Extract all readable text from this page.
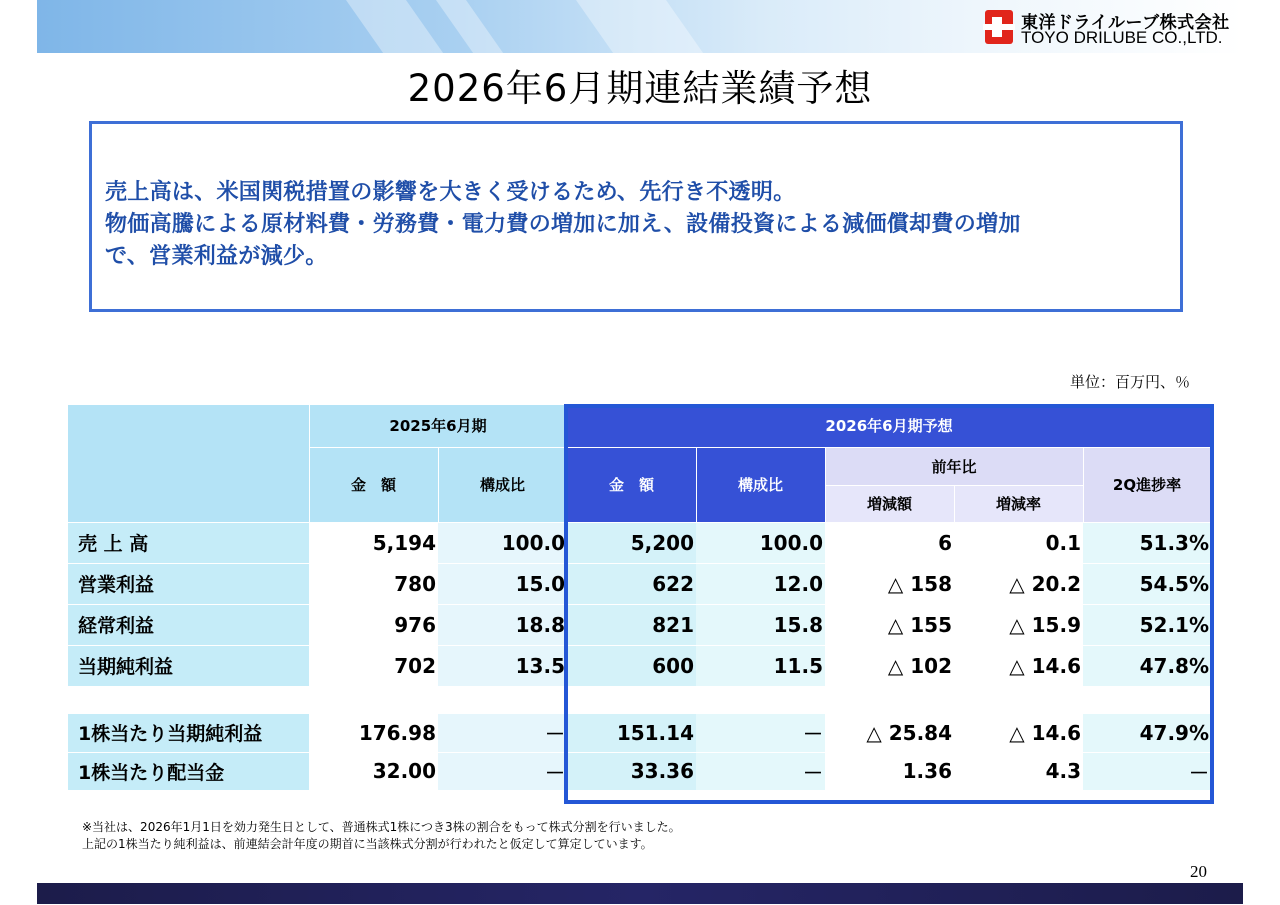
東洋ドライルーブ株式会社
TOYO DRILUBE CO.,LTD.
2026年6月期連結業績予想
売上高は、米国関税措置の影響を大きく受けるため、先行き不透明。
物価高騰による原材料費・労務費・電力費の増加に加え、設備投資による減価償却費の増加
で、営業利益が減少。
単位：百万円、％
	2025年6月期		2026年6月期予想				
	金　額	構成比	金　額	構成比	前年比		2Q進捗率
					増減額	増減率	
売 上 高	5,194	100.0	5,200	100.0	6	0.1	51.3%
営業利益	780	15.0	622	12.0	△ 158	△ 20.2	54.5%
経常利益	976	18.8	821	15.8	△ 155	△ 15.9	52.1%
当期純利益	702	13.5	600	11.5	△ 102	△ 14.6	47.8%

1株当たり当期純利益	176.98	－	151.14	－	△ 25.84	△ 14.6	47.9%
1株当たり配当金	32.00	－	33.36	－	1.36	4.3	－
※当社は、2026年1月1日を効力発生日として、普通株式1株につき3株の割合をもって株式分割を行いました。
上記の1株当たり純利益は、前連結会計年度の期首に当該株式分割が行われたと仮定して算定しています。
20
